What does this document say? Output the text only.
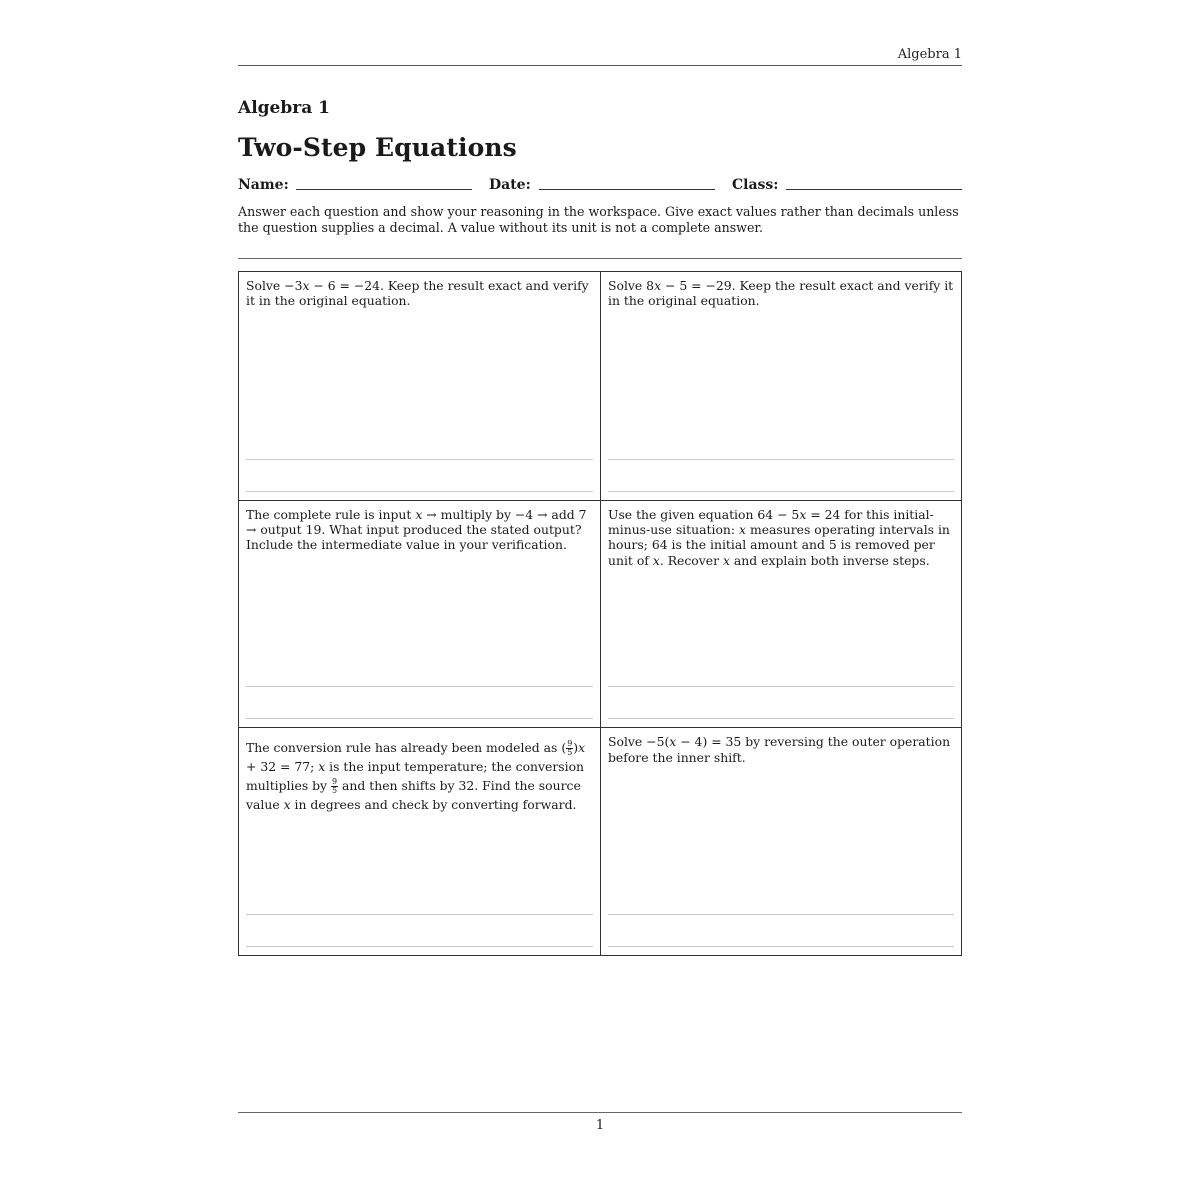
Algebra 1
Algebra 1
Two-Step Equations
Name:	Date:	Class:
Answer each question and show your reasoning in the workspace. Give exact values rather than decimals unless the question supplies a decimal. A value without its unit is not a complete answer.
Solve −3x − 6 = −24. Keep the result exact and verify it in the original equation.
Solve 8x − 5 = −29. Keep the result exact and verify it in the original equation.
The complete rule is input x → multiply by −4 → add 7 → output 19. What input produced the stated output? Include the intermediate value in your verification.
Use the given equation 64 − 5x = 24 for this initial-minus-use situation: x measures operating intervals in hours; 64 is the initial amount and 5 is removed per unit of x. Recover x and explain both inverse steps.
The conversion rule has already been modeled as ( $\frac{9}{5} )x + 32 = 77$; x is the input temperature; the conversion multiplies by $\frac{9}{5}$ and then shifts by 32. Find the source value x in degrees and check by converting forward.
Solve −5(x − 4) = 35 by reversing the outer operation before the inner shift.
1
